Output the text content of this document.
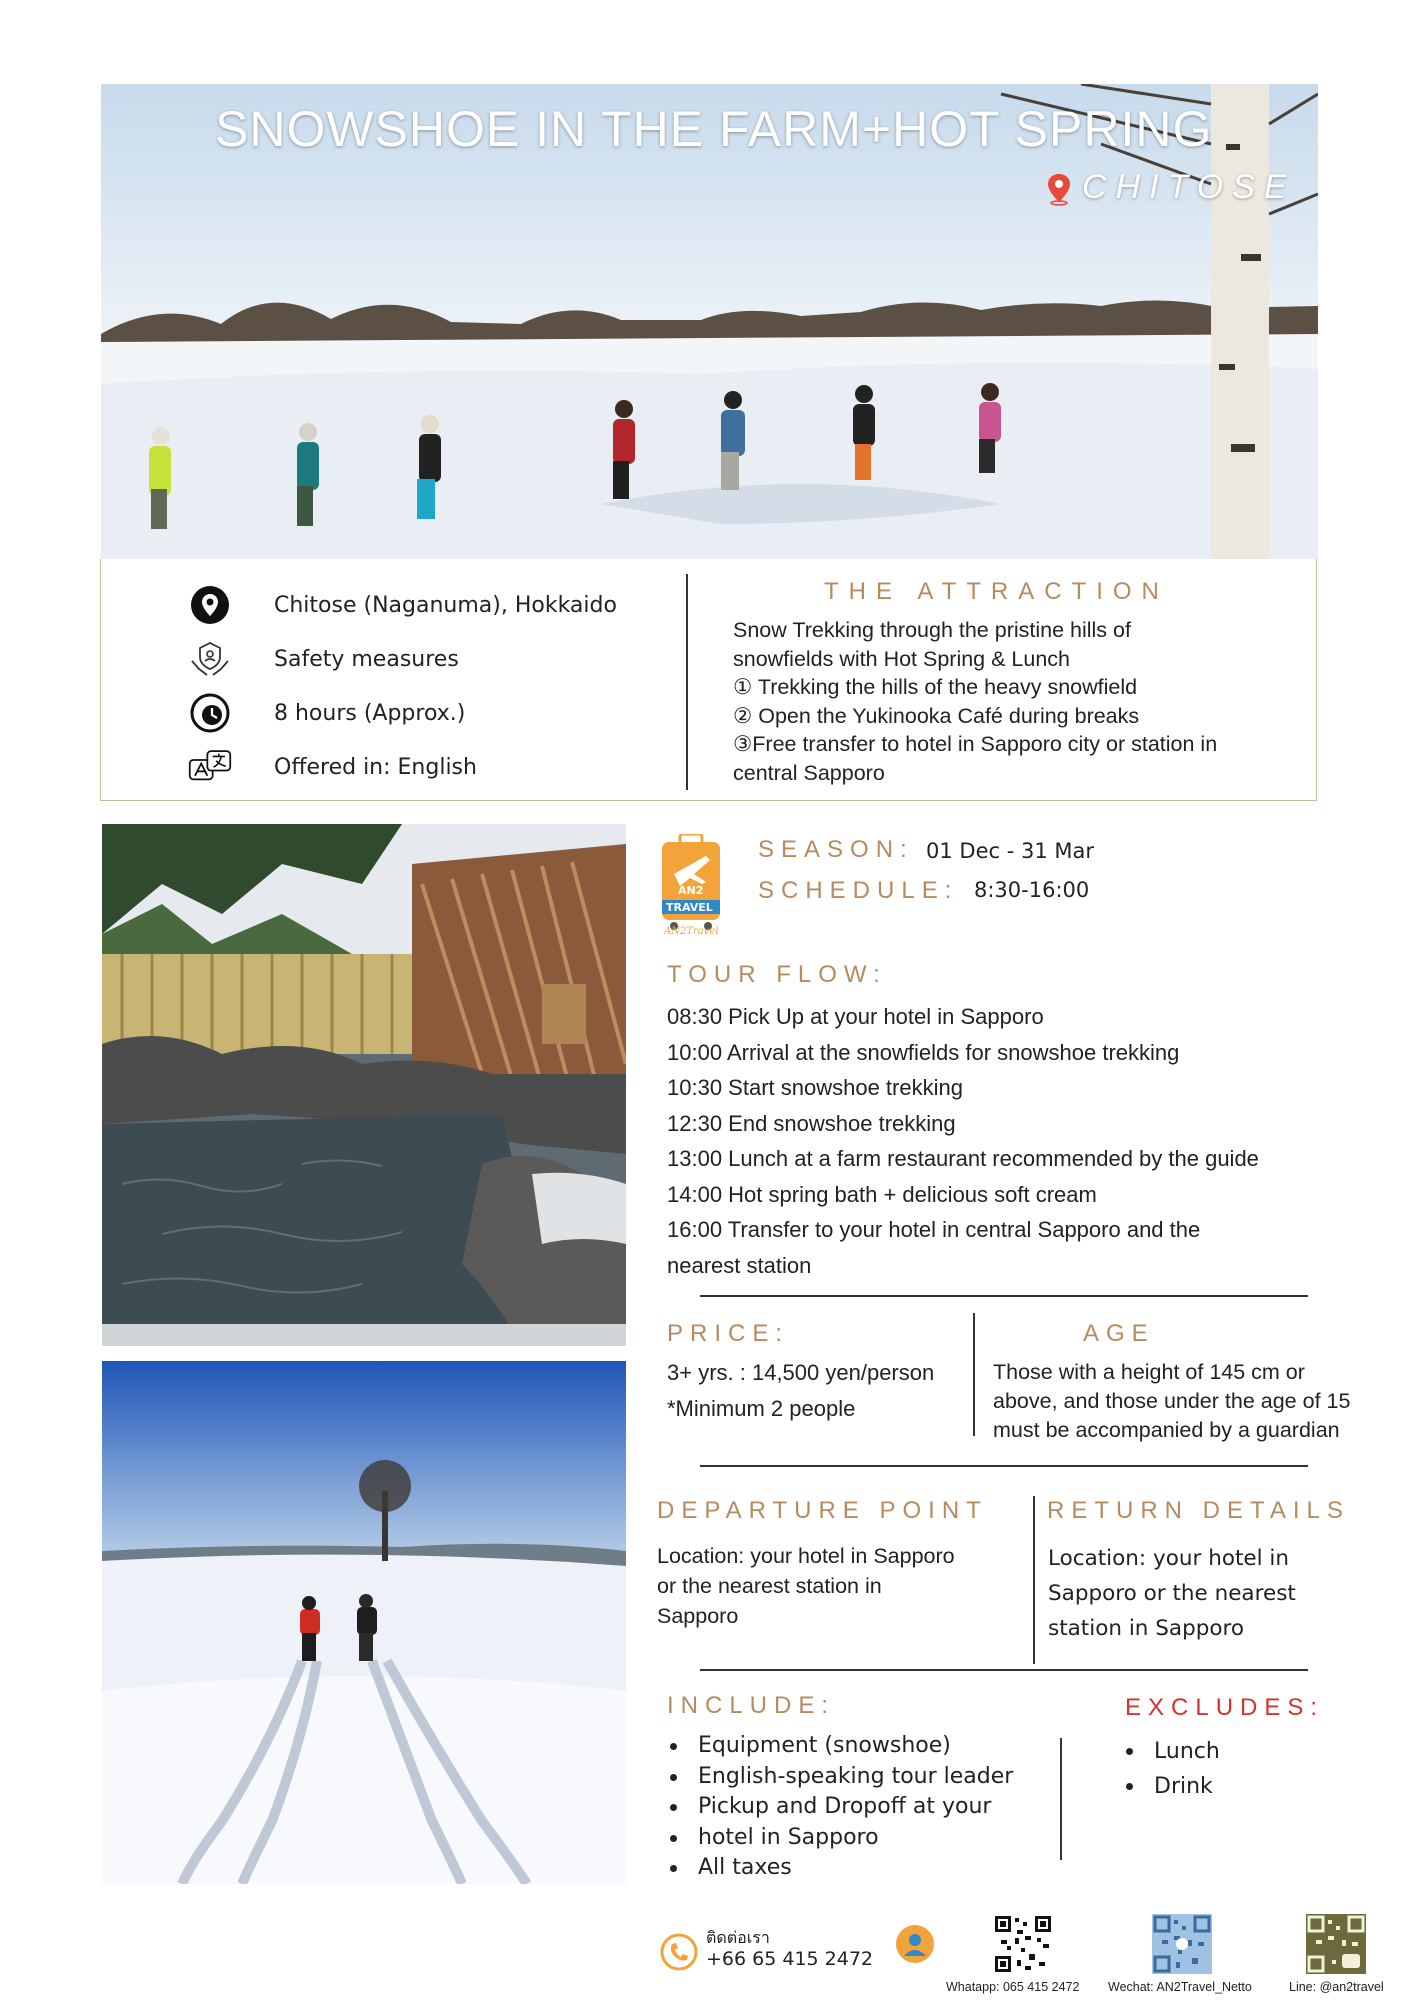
SNOWSHOE IN THE FARM+HOT SPRING
CHITOSE
Chitose (Naganuma), Hokkaido
Safety measures
8 hours (Approx.)
Offered in: English
THE ATTRACTION
Snow Trekking through the pristine hills of
snowfields with Hot Spring & Lunch
① Trekking the hills of the heavy snowfield
② Open the Yukinooka Café during breaks
③Free transfer to hotel in Sapporo city or station in
central Sapporo
AN2
TRAVEL
AN2Travel
SEASON: 01 Dec - 31 Mar
SCHEDULE: 8:30-16:00
TOUR FLOW:
08:30 Pick Up at your hotel in Sapporo
10:00 Arrival at the snowfields for snowshoe trekking
10:30 Start snowshoe trekking
12:30 End snowshoe trekking
13:00 Lunch at a farm restaurant recommended by the guide
14:00 Hot spring bath + delicious soft cream
16:00 Transfer to your hotel in central Sapporo and the
nearest station
PRICE:
3+ yrs. : 14,500 yen/person
*Minimum 2 people
AGE
Those with a height of 145 cm or
above, and those under the age of 15
must be accompanied by a guardian
DEPARTURE POINT
Location: your hotel in Sapporo
or the nearest station in
Sapporo
RETURN DETAILS
Location: your hotel in
Sapporo or the nearest
station in Sapporo
INCLUDE:
Equipment (snowshoe)
English-speaking tour leader
Pickup and Dropoff at your
hotel in Sapporo
All taxes
EXCLUDES:
Lunch
Drink
ติดต่อเรา
+66 65 415 2472
Whatapp: 065 415 2472 Wechat: AN2Travel_Netto	Line: @an2travel
